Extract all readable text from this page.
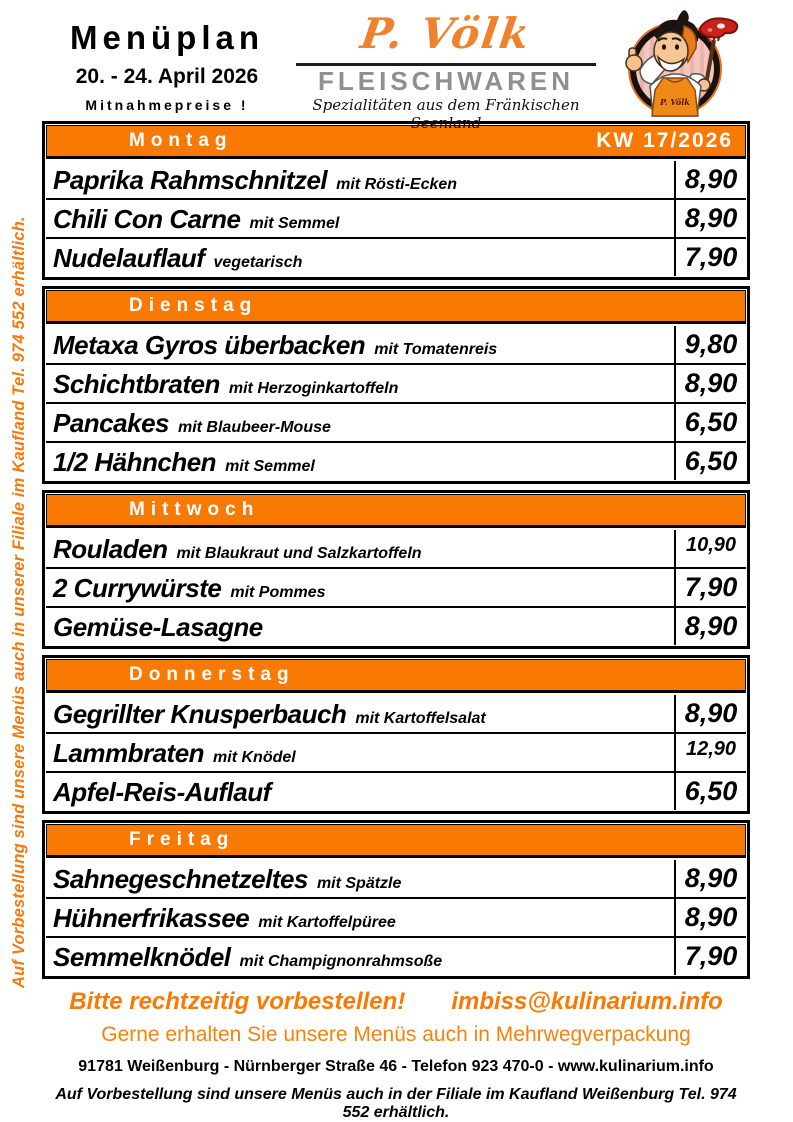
Auf Vorbestellung sind unsere Menüs auch in unserer Filiale im Kaufland Tel. 974 552 erhältlich.
Menüplan
20. - 24. April 2026
Mitnahmepreise !
P. Völk
FLEISCHWAREN
Spezialitäten aus dem Fränkischen Seenland
P. Völk
Montag	KW 17/2026
Paprika Rahmschnitzel mit Rösti-Ecken	8,90
Chili Con Carne mit Semmel	8,90
Nudelauflauf vegetarisch	7,90
Dienstag
Metaxa Gyros überbacken mit Tomatenreis	9,80
Schichtbraten mit Herzoginkartoffeln	8,90
Pancakes mit Blaubeer-Mouse	6,50
1/2 Hähnchen mit Semmel	6,50
Mittwoch
Rouladen mit Blaukraut und Salzkartoffeln	10,90
2 Currywürste mit Pommes	7,90
Gemüse-Lasagne	8,90
Donnerstag
Gegrillter Knusperbauch mit Kartoffelsalat	8,90
Lammbraten mit Knödel	12,90
Apfel-Reis-Auflauf	6,50
Freitag
Sahnegeschnetzeltes mit Spätzle	8,90
Hühnerfrikassee mit Kartoffelpüree	8,90
Semmelknödel mit Champignonrahmsoße	7,90
Bitte rechtzeitig vorbestellen! imbiss@kulinarium.info
Gerne erhalten Sie unsere Menüs auch in Mehrwegverpackung
91781 Weißenburg - Nürnberger Straße 46 - Telefon 923 470-0 - www.kulinarium.info
Auf Vorbestellung sind unsere Menüs auch in der Filiale im Kaufland Weißenburg Tel. 974 552 erhältlich.
